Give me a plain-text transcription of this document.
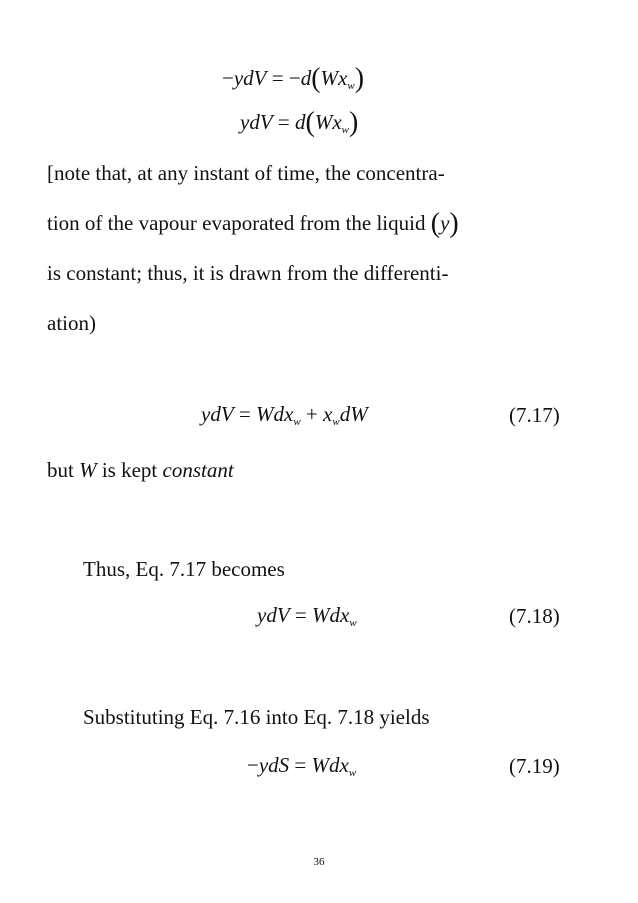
$-ydV = -d(Wx_w)$
ydV = $d(Wx_w)$
[note that, at any instant of time, the concentra-
tion of the vapour evaporated from the liquid (y)
is constant; thus, it is drawn from the differenti-
ation)
ydV = $Wdx_w + x_wdW$	(7.17)
but W is kept constant
Thus, Eq. 7.17 becomes
ydV = Wdx$_w$	(7.18)
Substituting Eq. 7.16 into Eq. 7.18 yields
−ydS = Wdx$_w$	(7.19)
36
